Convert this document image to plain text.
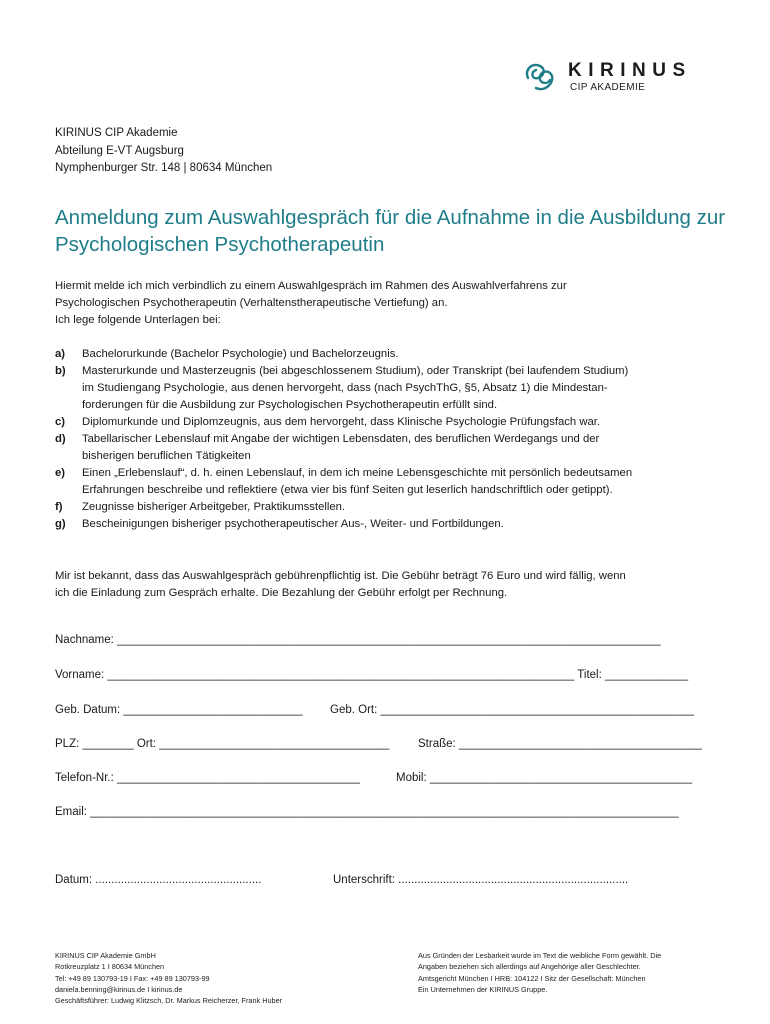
KIRINUS
CIP AKADEMIE
KIRINUS CIP Akademie
Abteilung E-VT Augsburg
Nymphenburger Str. 148 | 80634 München
Anmeldung zum Auswahlgespräch für die Aufnahme in die Ausbildung zur Psychologischen Psychotherapeutin
Hiermit melde ich mich verbindlich zu einem Auswahlgespräch im Rahmen des Auswahlverfahrens zur
Psychologischen Psychotherapeutin (Verhaltenstherapeutische Vertiefung) an.
Ich lege folgende Unterlagen bei:
a)	Bachelorurkunde (Bachelor Psychologie) und Bachelorzeugnis.
b)	Masterurkunde und Masterzeugnis (bei abgeschlossenem Studium), oder Transkript (bei laufendem Studium)
im Studiengang Psychologie, aus denen hervorgeht, dass (nach PsychThG, §5, Absatz 1) die Mindestan-
forderungen für die Ausbildung zur Psychologischen Psychotherapeutin erfüllt sind.
c)	Diplomurkunde und Diplomzeugnis, aus dem hervorgeht, dass Klinische Psychologie Prüfungsfach war.
d)	Tabellarischer Lebenslauf mit Angabe der wichtigen Lebensdaten, des beruflichen Werdegangs und der
bisherigen beruflichen Tätigkeiten
e)	Einen „Erlebenslauf“, d. h. einen Lebenslauf, in dem ich meine Lebensgeschichte mit persönlich bedeutsamen
Erfahrungen beschreibe und reflektiere (etwa vier bis fünf Seiten gut leserlich handschriftlich oder getippt).
f)	Zeugnisse bisheriger Arbeitgeber, Praktikumsstellen.
g)	Bescheinigungen bisheriger psychotherapeutischer Aus-, Weiter- und Fortbildungen.
Mir ist bekannt, dass das Auswahlgespräch gebührenpflichtig ist. Die Gebühr beträgt 76 Euro und wird fällig, wenn
ich die Einladung zum Gespräch erhalte. Die Bezahlung der Gebühr erfolgt per Rechnung.
Nachname: _____________________________________________________________________________________
Vorname: _________________________________________________________________________ Titel: _____________
Geb. Datum: ____________________________ Geb. Ort: _________________________________________________
PLZ: ________ Ort: ____________________________________ Straße: ______________________________________
Telefon-Nr.: ______________________________________	Mobil: _________________________________________
Email: ____________________________________________________________________________________________
Datum: ....................................................	Unterschrift: ........................................................................
KIRINUS CIP Akademie GmbH
Rotkreuzplatz 1 I 80634 München
Tel: +49 89 130793-19 I Fax: +49 89 130793-99
daniela.benning@kirinus.de I kirinus.de
Geschäftsführer: Ludwig Klitzsch, Dr. Markus Reicherzer, Frank Huber
Aus Gründen der Lesbarkeit wurde im Text die weibliche Form gewählt. Die
Angaben beziehen sich allerdings auf Angehörige aller Geschlechter.
Amtsgericht München I HRB: 104122 I Sitz der Gesellschaft: München
Ein Unternehmen der KIRINUS Gruppe.
